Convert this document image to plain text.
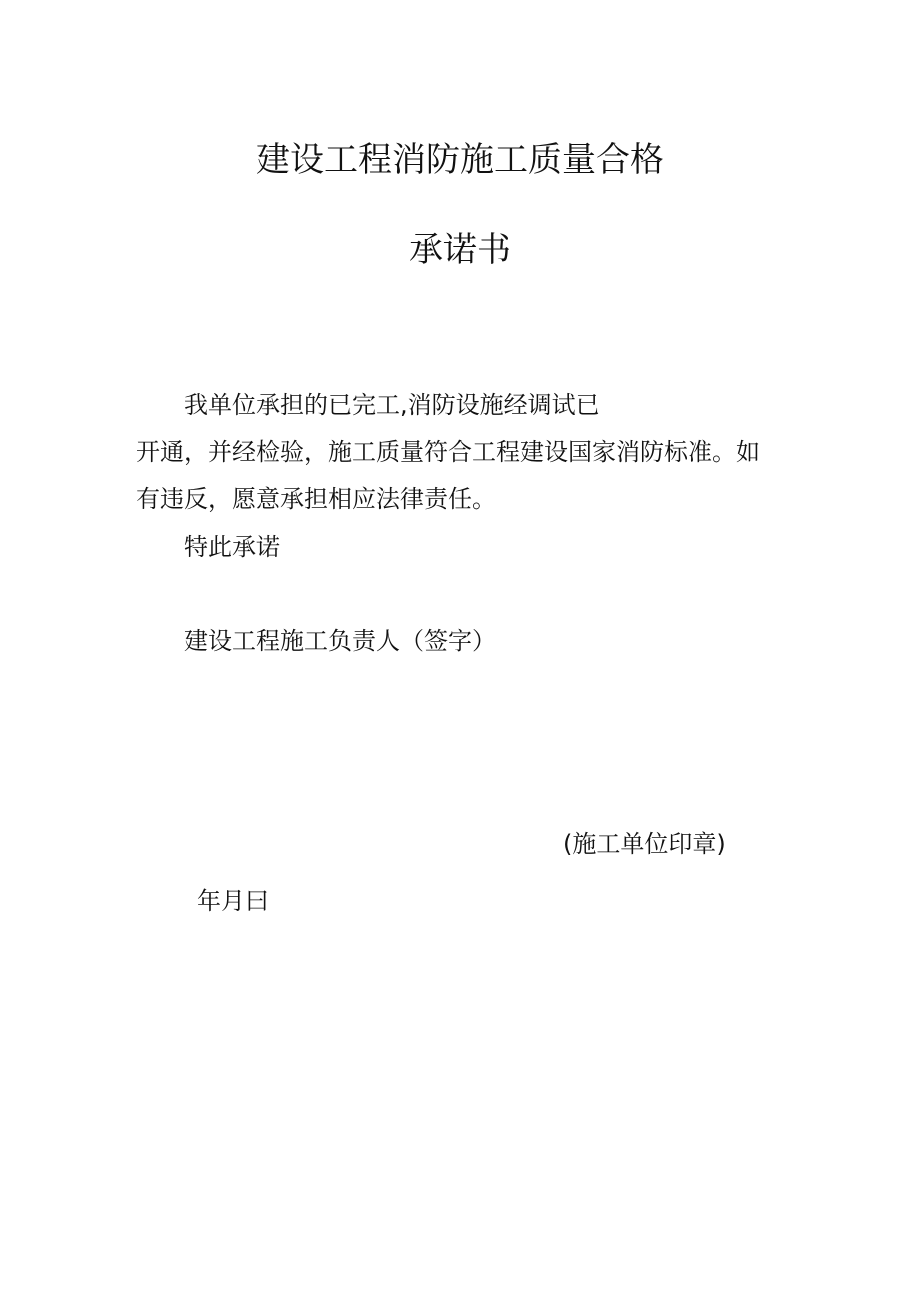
建设工程消防施工质量合格
承诺书

我单位承担的已完工,消防设施经调试已

开通，并经检验，施工质量符合工程建设国家消防标准。如

有违反，愿意承担相应法律责任。

特此承诺

建设工程施工负责人（签字）

(施工单位印章)

年月曰
